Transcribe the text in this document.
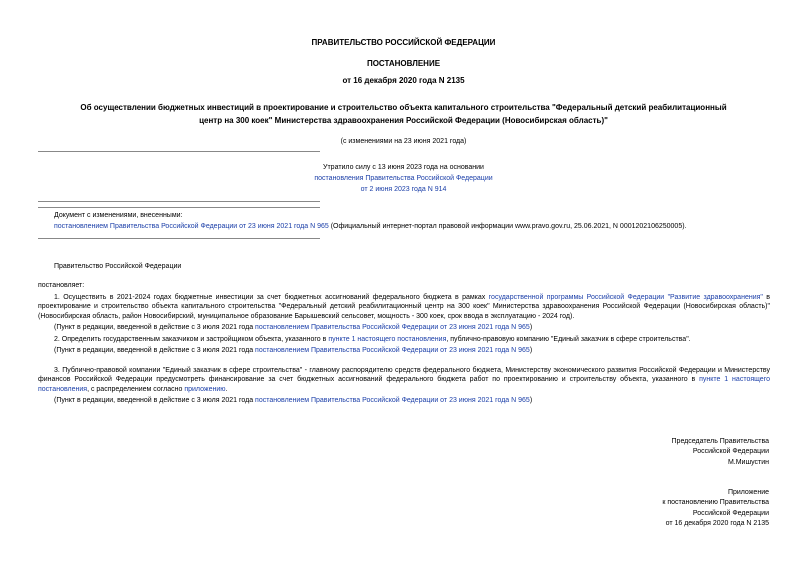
ПРАВИТЕЛЬСТВО РОССИЙСКОЙ ФЕДЕРАЦИИ
ПОСТАНОВЛЕНИЕ
от 16 декабря 2020 года N 2135
Об осуществлении бюджетных инвестиций в проектирование и строительство объекта капитального строительства "Федеральный детский реабилитационный
центр на 300 коек" Министерства здравоохранения Российской Федерации (Новосибирская область)"
(с изменениями на 23 июня 2021 года)
Утратило силу с 13 июня 2023 года на основании
постановления Правительства Российской Федерации
от 2 июня 2023 года N 914
Документ с изменениями, внесенными:
постановлением Правительства Российской Федерации от 23 июня 2021 года N 965 (Официальный интернет-портал правовой информации www.pravo.gov.ru, 25.06.2021, N 0001202106250005).
Правительство Российской Федерации
постановляет:
1. Осуществить в 2021-2024 годах бюджетные инвестиции за счет бюджетных ассигнований федерального бюджета в рамках государственной программы Российской Федерации "Развитие здравоохранения" в проектирование и строительство объекта капитального строительства "Федеральный детский реабилитационный центр на 300 коек" Министерства здравоохранения Российской Федерации (Новосибирская область)" (Новосибирская область, район Новосибирский, муниципальное образование Барышевский сельсовет, мощность - 300 коек, срок ввода в эксплуатацию - 2024 год).
(Пункт в редакции, введенной в действие с 3 июля 2021 года постановлением Правительства Российской Федерации от 23 июня 2021 года N 965)
2. Определить государственным заказчиком и застройщиком объекта, указанного в пункте 1 настоящего постановления, публично-правовую компанию "Единый заказчик в сфере строительства".
(Пункт в редакции, введенной в действие с 3 июля 2021 года постановлением Правительства Российской Федерации от 23 июня 2021 года N 965)
3. Публично-правовой компании "Единый заказчик в сфере строительства" - главному распорядителю средств федерального бюджета, Министерству экономического развития Российской Федерации и Министерству финансов Российской Федерации предусмотреть финансирование за счет бюджетных ассигнований федерального бюджета работ по проектированию и строительству объекта, указанного в пункте 1 настоящего постановления, с распределением согласно приложению.
(Пункт в редакции, введенной в действие с 3 июля 2021 года постановлением Правительства Российской Федерации от 23 июня 2021 года N 965)
Председатель Правительства
Российской Федерации
М.Мишустин
Приложение
к постановлению Правительства
Российской Федерации
от 16 декабря 2020 года N 2135
